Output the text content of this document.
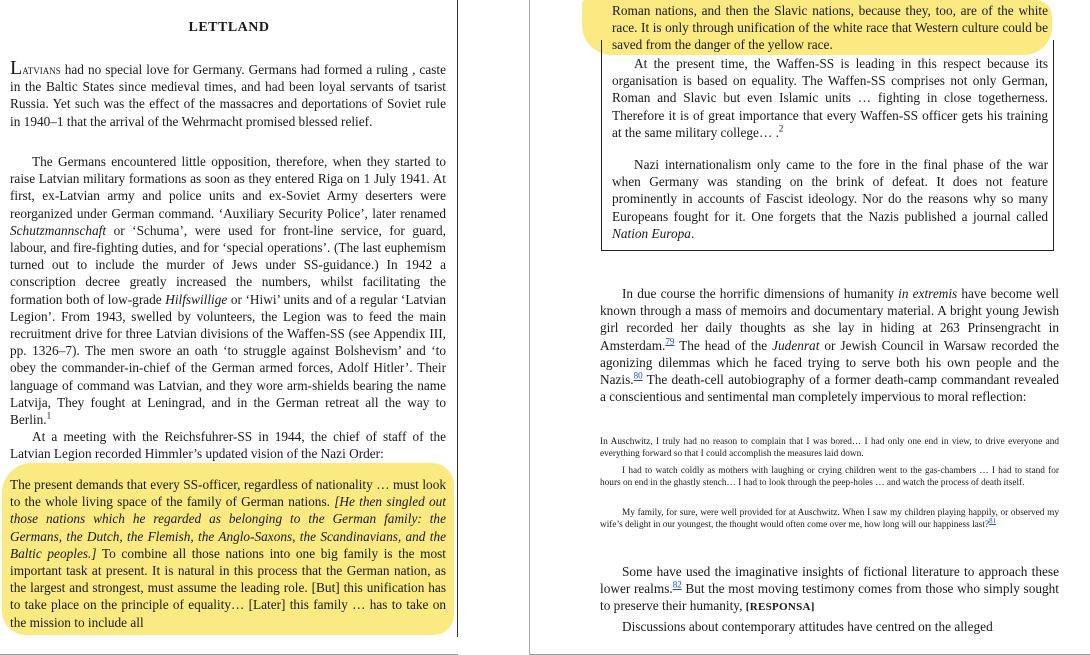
LETTLAND

Latvians had no special love for Germany. Germans had formed a ruling , caste in the Baltic States since medieval times, and had been loyal servants of tsarist Russia. Yet such was the effect of the massacres and deportations of Soviet rule in 1940–1 that the arrival of the Wehrmacht promised blessed relief.

The Germans encountered little opposition, therefore, when they started to raise Latvian military formations as soon as they entered Riga on 1 July 1941. At first, ex-Latvian army and police units and ex-Soviet Army deserters were reorganized under German command. ‘Auxiliary Security Police’, later renamed Schutzmannschaft or ‘Schuma’, were used for front-line service, for guard, labour, and fire-fighting duties, and for ‘special operations’. (The last euphemism turned out to include the murder of Jews under SS-guidance.) In 1942 a conscription decree greatly increased the numbers, whilst facilitating the formation both of low-grade Hilfswillige or ‘Hiwi’ units and of a regular ‘Latvian Legion’. From 1943, swelled by volunteers, the Legion was to feed the main recruitment drive for three Latvian divisions of the Waffen-SS (see Appendix III, pp. 1326–7). The men swore an oath ‘to struggle against Bolshevism’ and ‘to obey the commander-in-chief of the German armed forces, Adolf Hitler’. Their language of command was Latvian, and they wore arm-shields bearing the name Latvija, They fought at Leningrad, and in the German retreat all the way to Berlin.$^1$

At a meeting with the Reichsfuhrer-SS in 1944, the chief of staff of the Latvian Legion recorded Himmler’s updated vision of the Nazi Order:

The present demands that every SS-officer, regardless of nationality … must look to the whole living space of the family of German nations. [He then singled out those nations which he regarded as belonging to the German family: the Germans, the Dutch, the Flemish, the Anglo-Saxons, the Scandinavians, and the Baltic peoples.] To combine all those nations into one big family is the most important task at present. It is natural in this process that the German nation, as the largest and strongest, must assume the leading role. [But] this unification has to take place on the principle of equality… [Later] this family … has to take on the mission to include all

Roman nations, and then the Slavic nations, because they, too, are of the white race. It is only through unification of the white race that Western culture could be saved from the danger of the yellow race.

At the present time, the Waffen-SS is leading in this respect because its organisation is based on equality. The Waffen-SS comprises not only German, Roman and Slavic but even Islamic units … fighting in close togetherness. Therefore it is of great importance that every Waffen-SS officer gets his training at the same military college… .$^2$

Nazi internationalism only came to the fore in the final phase of the war when Germany was standing on the brink of defeat. It does not feature prominently in accounts of Fascist ideology. Nor do the reasons why so many Europeans fought for it. One forgets that the Nazis published a journal called Nation Europa.

In due course the horrific dimensions of humanity in extremis have become well known through a mass of memoirs and documentary material. A bright young Jewish girl recorded her daily thoughts as she lay in hiding at 263 Prinsengracht in Amsterdam.$^{79}$ The head of the Judenrat or Jewish Council in Warsaw recorded the agonizing dilemmas which he faced trying to serve both his own people and the Nazis.$^{80}$ The death-cell autobiography of a former death-camp commandant revealed a conscientious and sentimental man completely impervious to moral reflection:

In Auschwitz, I truly had no reason to complain that I was bored… I had only one end in view, to drive everyone and everything forward so that I could accomplish the measures laid down.

I had to watch coldly as mothers with laughing or crying children went to the gas-chambers … I had to stand for hours on end in the ghastly stench… I had to look through the peep-holes … and watch the process of death itself.

My family, for sure, were well provided for at Auschwitz. When I saw my children playing happily, or observed my wife’s delight in our youngest, the thought would often come over me, how long will our happiness last?$^{81}$

Some have used the imaginative insights of fictional literature to approach these lower realms.$^{82}$ But the most moving testimony comes from those who simply sought to preserve their humanity, [RESPONSA]

Discussions about contemporary attitudes have centred on the alleged
